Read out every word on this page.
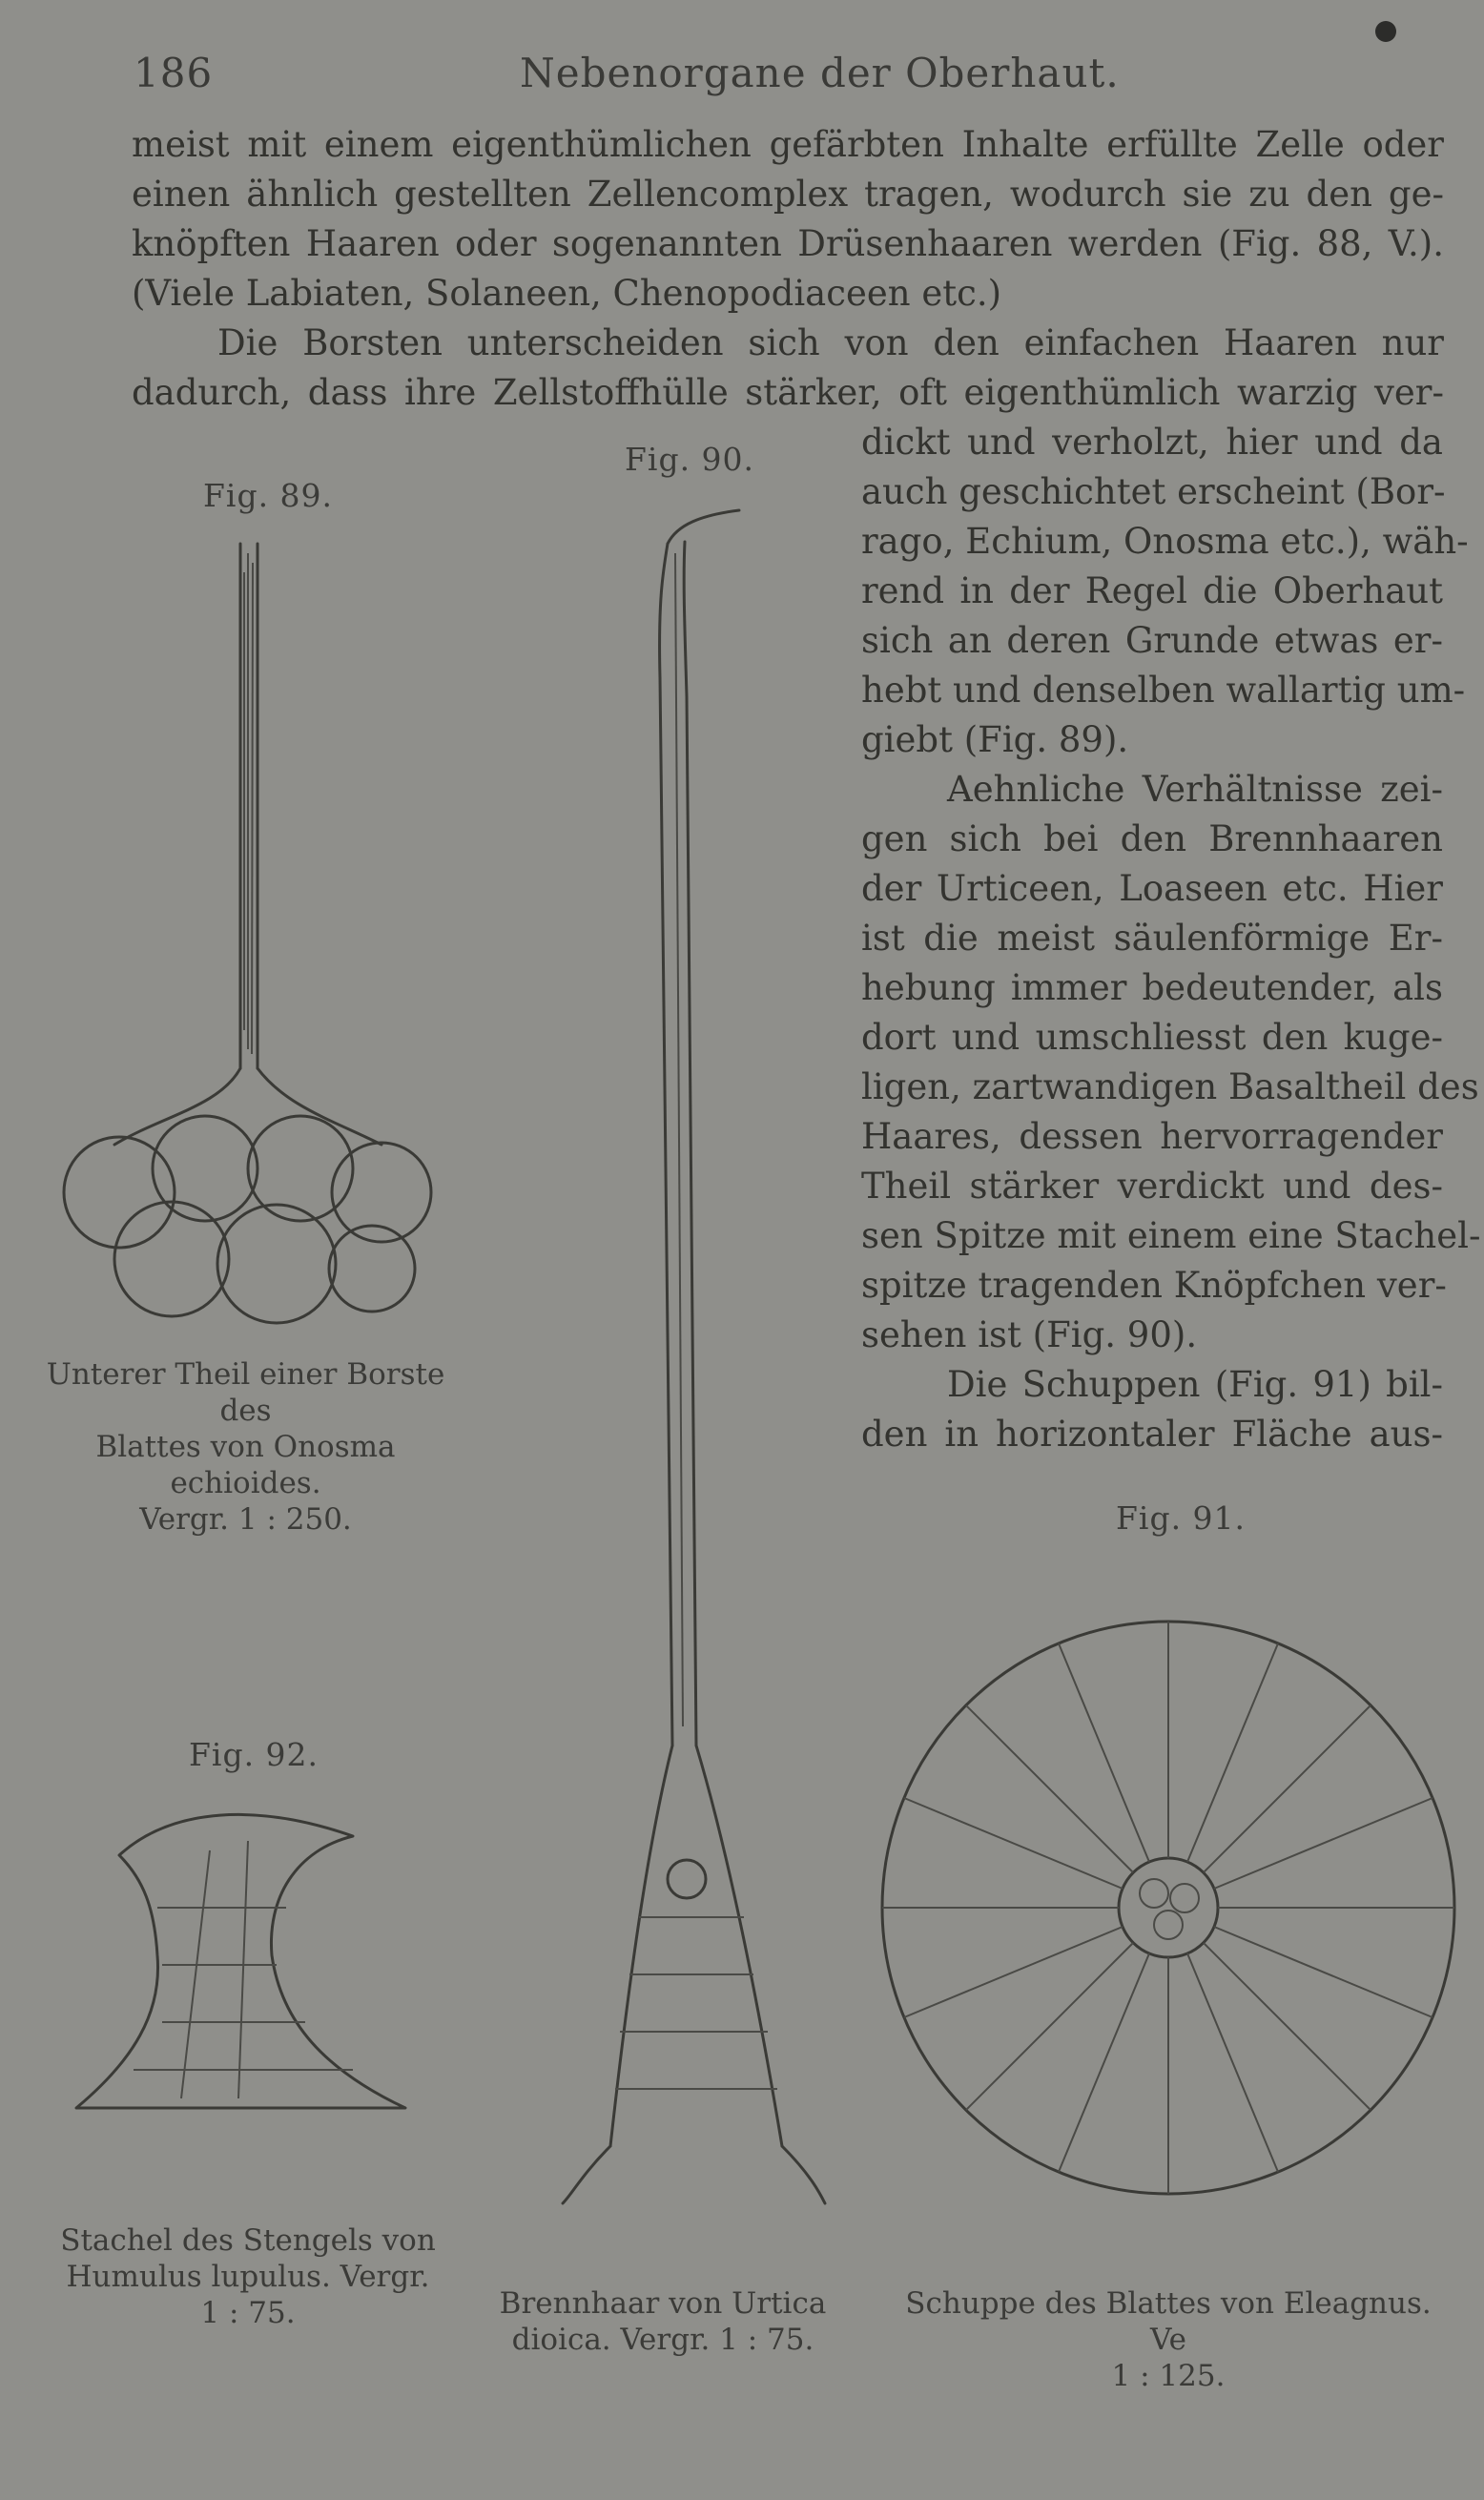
186	Nebenorgane der Oberhaut.
meist mit einem eigenthümlichen gefärbten Inhalte erfüllte Zelle oder
einen ähnlich gestellten Zellencomplex tragen, wodurch sie zu den ge-
knöpften Haaren oder sogenannten Drüsenhaaren werden (Fig. 88, V.).
(Viele Labiaten, Solaneen, Chenopodiaceen etc.)
Die Borsten unterscheiden sich von den einfachen Haaren nur
dadurch, dass ihre Zellstoffhülle stärker, oft eigenthümlich warzig ver-
dickt und verholzt, hier und da
auch geschichtet erscheint (Bor-
rago, Echium, Onosma etc.), wäh-
rend in der Regel die Oberhaut
sich an deren Grunde etwas er-
hebt und denselben wallartig um-
giebt (Fig. 89).
Aehnliche Verhältnisse zei-
gen sich bei den Brennhaaren
der Urticeen, Loaseen etc. Hier
ist die meist säulenförmige Er-
hebung immer bedeutender, als
dort und umschliesst den kuge-
ligen, zartwandigen Basaltheil des
Haares, dessen hervorragender
Theil stärker verdickt und des-
sen Spitze mit einem eine Stachel-
spitze tragenden Knöpfchen ver-
sehen ist (Fig. 90).
Die Schuppen (Fig. 91) bil-
den in horizontaler Fläche aus-
Fig. 89.
Fig. 90.
Fig. 91.
Fig. 92.
Unterer Theil einer Borste des
Blattes von Onosma echioides.
Vergr. 1 : 250.
Brennhaar von Urtica
dioica. Vergr. 1 : 75.
Schuppe des Blattes von Eleagnus. Ve
1 : 125.
Stachel des Stengels von
Humulus lupulus. Vergr.
1 : 75.
